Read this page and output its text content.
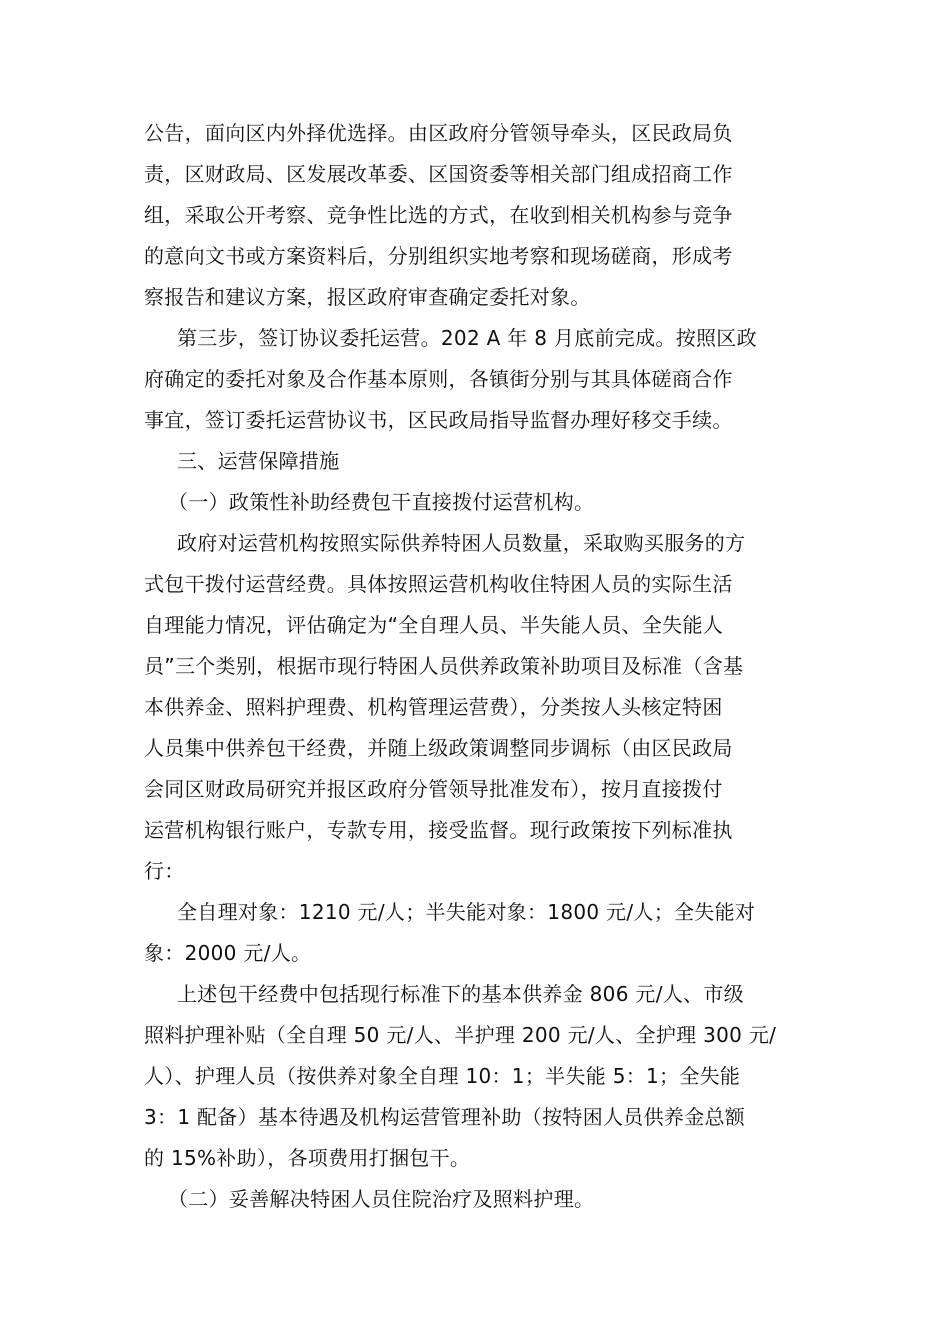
公告，面向区内外择优选择。由区政府分管领导牵头，区民政局负
责，区财政局、区发展改革委、区国资委等相关部门组成招商工作
组，采取公开考察、竞争性比选的方式，在收到相关机构参与竞争
的意向文书或方案资料后，分别组织实地考察和现场磋商，形成考
察报告和建议方案，报区政府审查确定委托对象。
第三步，签订协议委托运营。202 A 年 8 月底前完成。按照区政
府确定的委托对象及合作基本原则，各镇街分别与其具体磋商合作
事宜，签订委托运营协议书，区民政局指导监督办理好移交手续。
三、运营保障措施
（一）政策性补助经费包干直接拨付运营机构。
政府对运营机构按照实际供养特困人员数量，采取购买服务的方
式包干拨付运营经费。具体按照运营机构收住特困人员的实际生活
自理能力情况，评估确定为“全自理人员、半失能人员、全失能人
员”三个类别，根据市现行特困人员供养政策补助项目及标准（含基
本供养金、照料护理费、机构管理运营费），分类按人头核定特困
人员集中供养包干经费，并随上级政策调整同步调标（由区民政局
会同区财政局研究并报区政府分管领导批准发布），按月直接拨付
运营机构银行账户，专款专用，接受监督。现行政策按下列标准执
行：
全自理对象：1210 元/人；半失能对象：1800 元/人；全失能对
象：2000 元/人。
上述包干经费中包括现行标准下的基本供养金 806 元/人、市级
照料护理补贴（全自理 50 元/人、半护理 200 元/人、全护理 300 元/
人）、护理人员（按供养对象全自理 10：1；半失能 5：1；全失能
3：1 配备）基本待遇及机构运营管理补助（按特困人员供养金总额
的 15%补助），各项费用打捆包干。
（二）妥善解决特困人员住院治疗及照料护理。
